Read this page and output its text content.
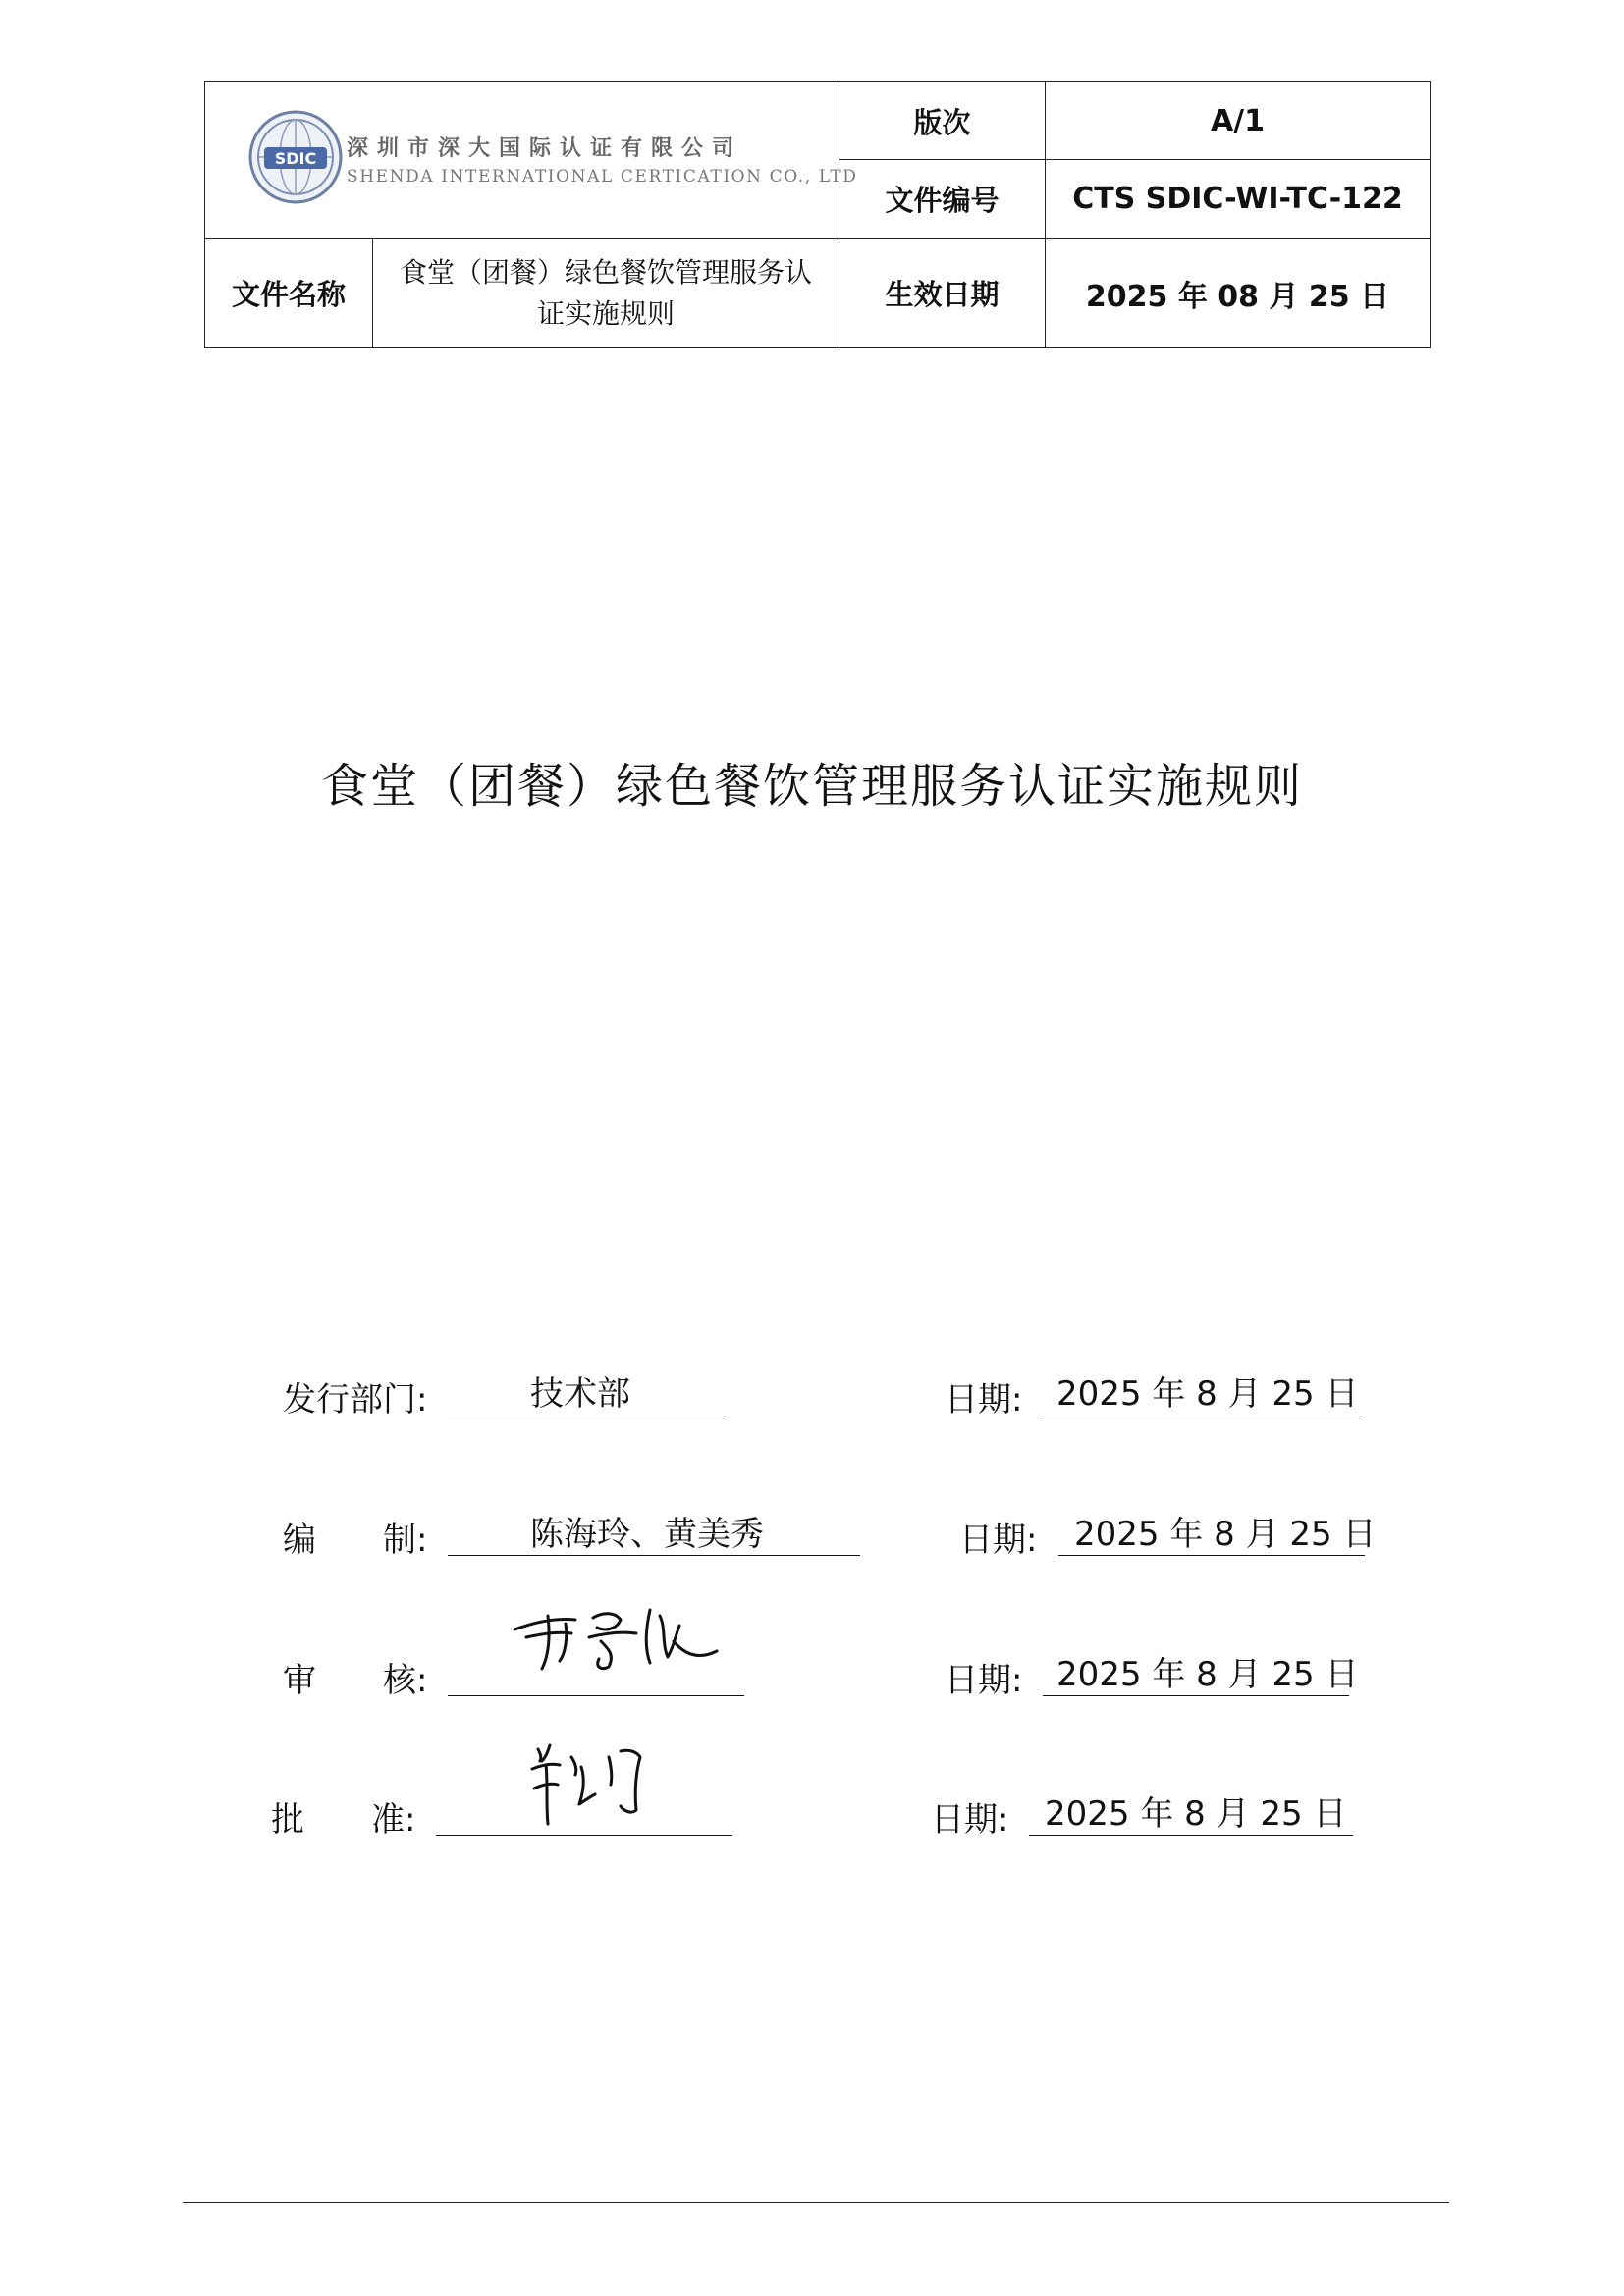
SDIC 深圳市深大国际认证有限公司
SHENDA INTERNATIONAL CERTICATION CO., LTD		版次	A/1
		文件编号	CTS SDIC-WI-TC-122
文件名称	食堂（团餐）绿色餐饮管理服务认证实施规则	生效日期	2025 年 08 月 25 日
食堂（团餐）绿色餐饮管理服务认证实施规则
发行部门:	技术部	日期: 2025 年 8 月 25 日
编　　制:	陈海玲、黄美秀	日期: 2025 年 8 月 25 日
审　　核:	日期: 2025 年 8 月 25 日
批　　准:	日期: 2025 年 8 月 25 日
